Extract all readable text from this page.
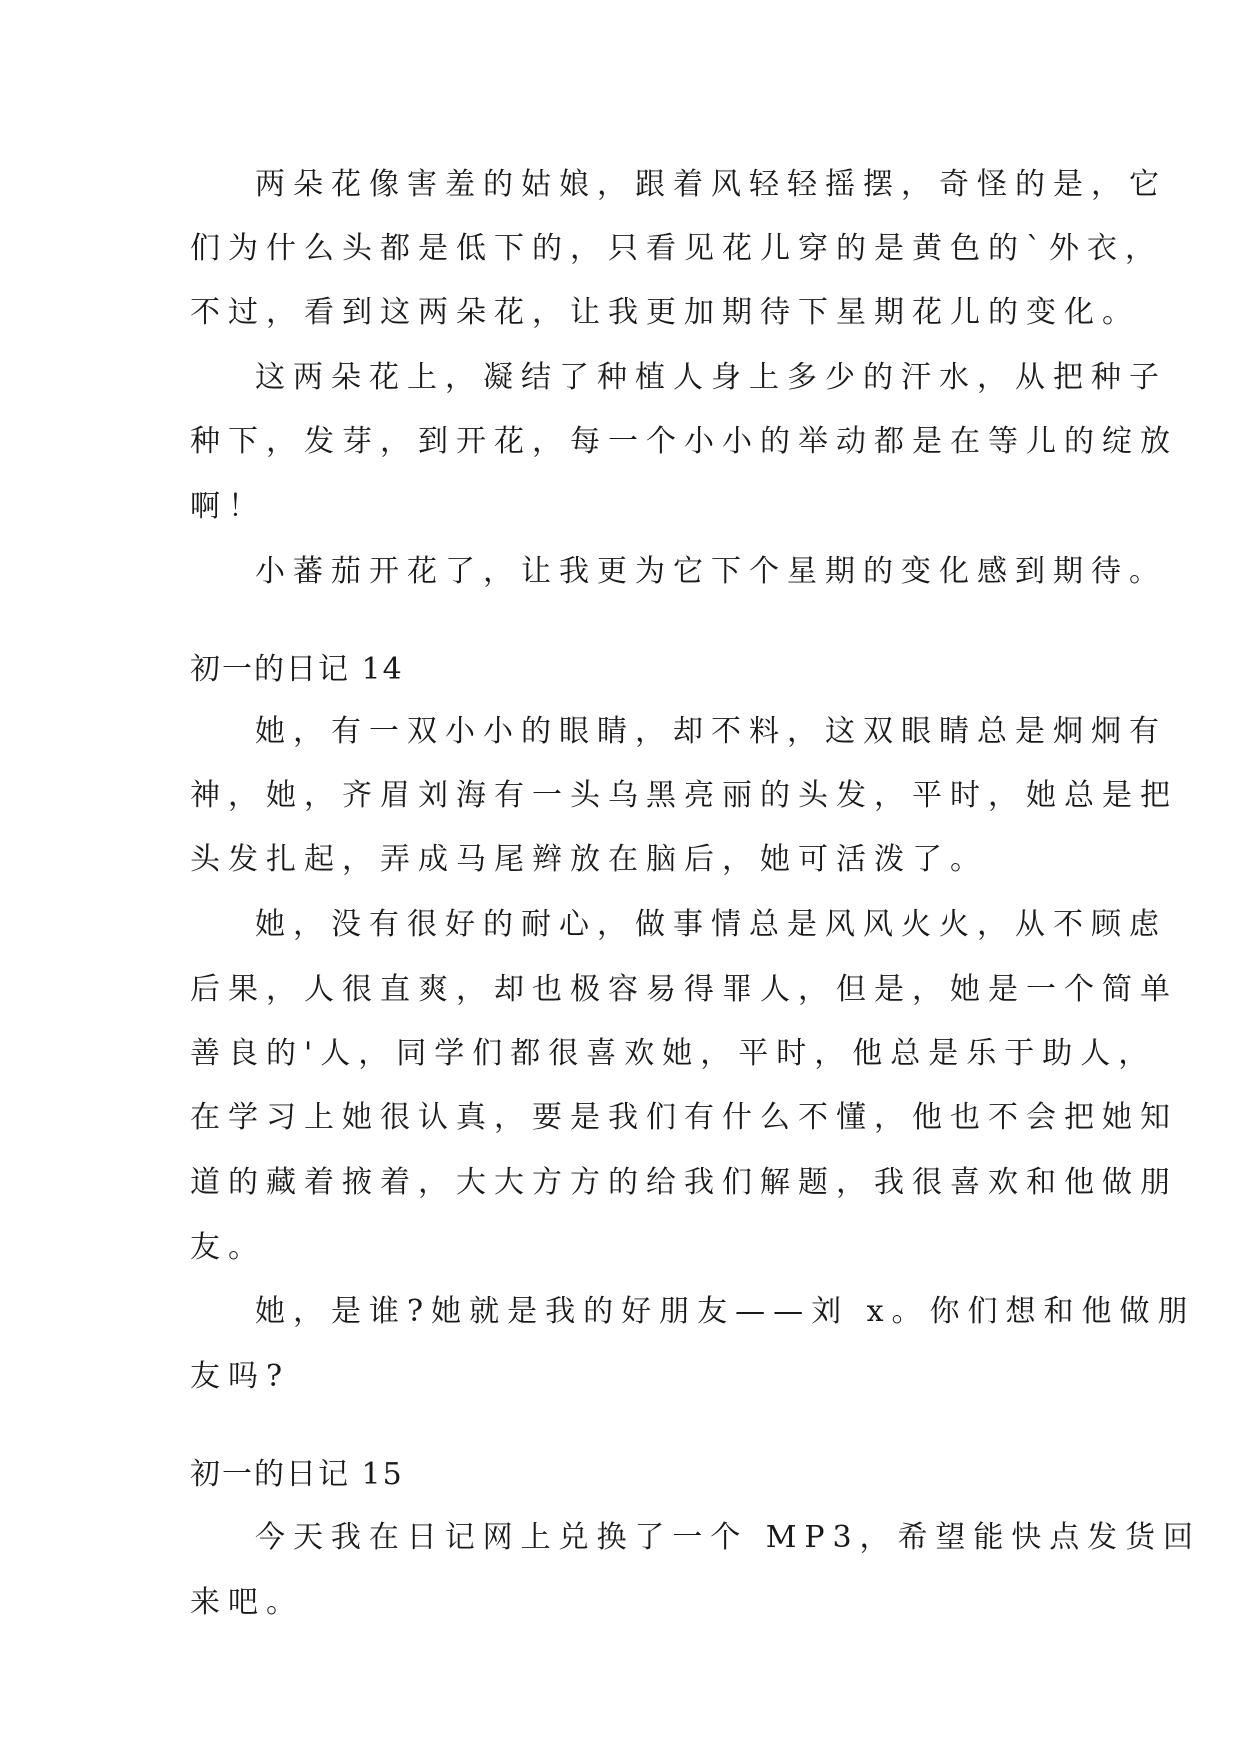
两朵花像害羞的姑娘，跟着风轻轻摇摆，奇怪的是，它
们为什么头都是低下的，只看见花儿穿的是黄色的`外衣，
不过，看到这两朵花，让我更加期待下星期花儿的变化。
这两朵花上，凝结了种植人身上多少的汗水，从把种子
种下，发芽，到开花，每一个小小的举动都是在等儿的绽放
啊！
小蕃茄开花了，让我更为它下个星期的变化感到期待。
初一的日记 14
她，有一双小小的眼睛，却不料，这双眼睛总是炯炯有
神，她，齐眉刘海有一头乌黑亮丽的头发，平时，她总是把
头发扎起，弄成马尾辫放在脑后，她可活泼了。
她，没有很好的耐心，做事情总是风风火火，从不顾虑
后果，人很直爽，却也极容易得罪人，但是，她是一个简单
善良的'人，同学们都很喜欢她，平时，他总是乐于助人，
在学习上她很认真，要是我们有什么不懂，他也不会把她知
道的藏着掖着，大大方方的给我们解题，我很喜欢和他做朋
友。
她，是谁?她就是我的好朋友——刘 x。你们想和他做朋
友吗?
初一的日记 15
今天我在日记网上兑换了一个 MP3，希望能快点发货回
来吧。
